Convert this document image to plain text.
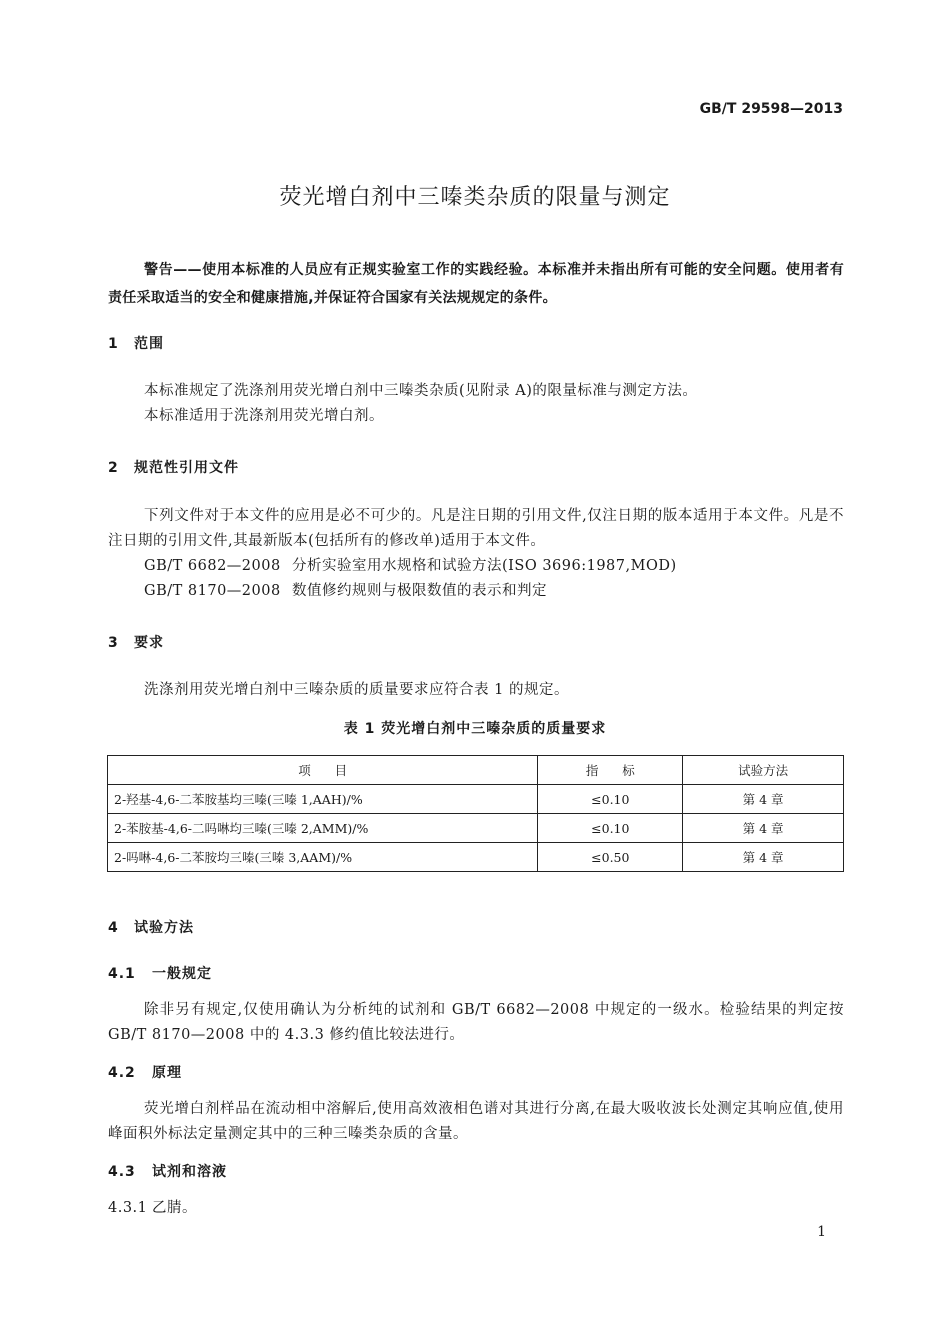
GB/T 29598—2013
荧光增白剂中三嗪类杂质的限量与测定
警告——使用本标准的人员应有正规实验室工作的实践经验。本标准并未指出所有可能的安全问题。使用者有责任采取适当的安全和健康措施,并保证符合国家有关法规规定的条件。
1 范围
本标准规定了洗涤剂用荧光增白剂中三嗪类杂质(见附录 A)的限量标准与测定方法。
本标准适用于洗涤剂用荧光增白剂。
2 规范性引用文件
下列文件对于本文件的应用是必不可少的。凡是注日期的引用文件,仅注日期的版本适用于本文件。凡是不注日期的引用文件,其最新版本(包括所有的修改单)适用于本文件。
GB/T 6682—2008 分析实验室用水规格和试验方法(ISO 3696:1987,MOD)
GB/T 8170—2008 数值修约规则与极限数值的表示和判定
3 要求
洗涤剂用荧光增白剂中三嗪杂质的质量要求应符合表 1 的规定。
表 1 荧光增白剂中三嗪杂质的质量要求
项      目	指      标	试验方法
2-羟基-4,6-二苯胺基均三嗪(三嗪 1,AAH)/%	≤0.10	第 4 章
2-苯胺基-4,6-二吗啉均三嗪(三嗪 2,AMM)/%	≤0.10	第 4 章
2-吗啉-4,6-二苯胺均三嗪(三嗪 3,AAM)/%	≤0.50	第 4 章
4 试验方法
4.1 一般规定
除非另有规定,仅使用确认为分析纯的试剂和 GB/T 6682—2008 中规定的一级水。检验结果的判定按 GB/T 8170—2008 中的 4.3.3 修约值比较法进行。
4.2 原理
荧光增白剂样品在流动相中溶解后,使用高效液相色谱对其进行分离,在最大吸收波长处测定其响应值,使用峰面积外标法定量测定其中的三种三嗪类杂质的含量。
4.3 试剂和溶液
4.3.1 乙腈。
1
